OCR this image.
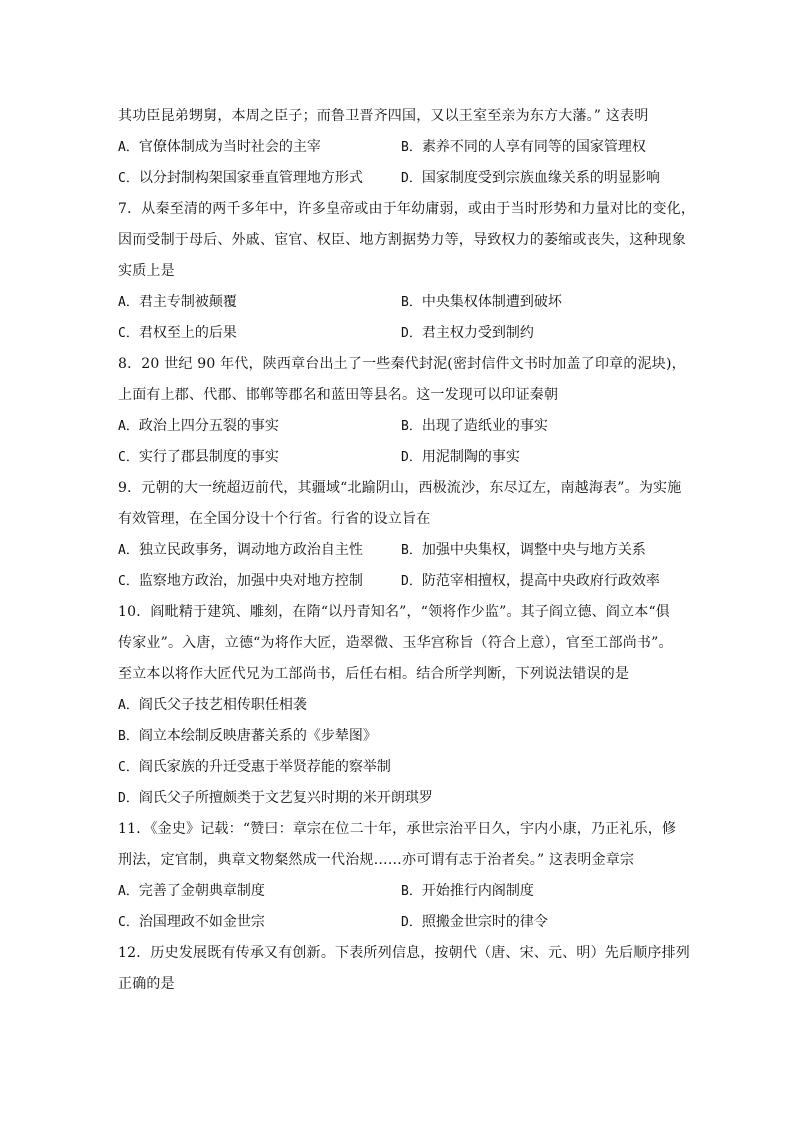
其功臣昆弟甥舅，本周之臣子；而鲁卫晋齐四国，又以王室至亲为东方大藩。” 这表明
A．官僚体制成为当时社会的主宰	B．素养不同的人享有同等的国家管理权
C．以分封制构架国家垂直管理地方形式	D．国家制度受到宗族血缘关系的明显影响
7．从秦至清的两千多年中，许多皇帝或由于年幼庸弱，或由于当时形势和力量对比的变化，
因而受制于母后、外戚、宦官、权臣、地方割据势力等，导致权力的萎缩或丧失，这种现象
实质上是
A．君主专制被颠覆	B．中央集权体制遭到破坏
C．君权至上的后果	D．君主权力受到制约
8．20 世纪 90 年代，陕西章台出土了一些秦代封泥(密封信件文书时加盖了印章的泥块)，
上面有上郡、代郡、邯郸等郡名和蓝田等县名。这一发现可以印证秦朝
A．政治上四分五裂的事实	B．出现了造纸业的事实
C．实行了郡县制度的事实	D．用泥制陶的事实
9．元朝的大一统超迈前代，其疆域“北踰阴山，西极流沙，东尽辽左，南越海表”。为实施
有效管理，在全国分设十个行省。行省的设立旨在
A．独立民政事务，调动地方政治自主性	B．加强中央集权，调整中央与地方关系
C．监察地方政治，加强中央对地方控制	D．防范宰相擅权，提高中央政府行政效率
10．阎毗精于建筑、雕刻，在隋“以丹青知名”，“领将作少监”。其子阎立德、阎立本“俱
传家业”。入唐，立德“为将作大匠，造翠微、玉华宫称旨（符合上意），官至工部尚书”。
至立本以将作大匠代兄为工部尚书，后任右相。结合所学判断，下列说法错误的是
A．阎氏父子技艺相传职任相袭
B．阎立本绘制反映唐蕃关系的《步辇图》
C．阎氏家族的升迁受惠于举贤荐能的察举制
D．阎氏父子所擅颇类于文艺复兴时期的米开朗琪罗
11．《金史》记载：“赞曰：章宗在位二十年，承世宗治平日久，宇内小康，乃正礼乐，修
刑法，定官制，典章文物粲然成一代治规……亦可谓有志于治者矣。” 这表明金章宗
A．完善了金朝典章制度	B．开始推行内阁制度
C．治国理政不如金世宗	D．照搬金世宗时的律令
12．历史发展既有传承又有创新。下表所列信息，按朝代（唐、宋、元、明）先后顺序排列
正确的是
